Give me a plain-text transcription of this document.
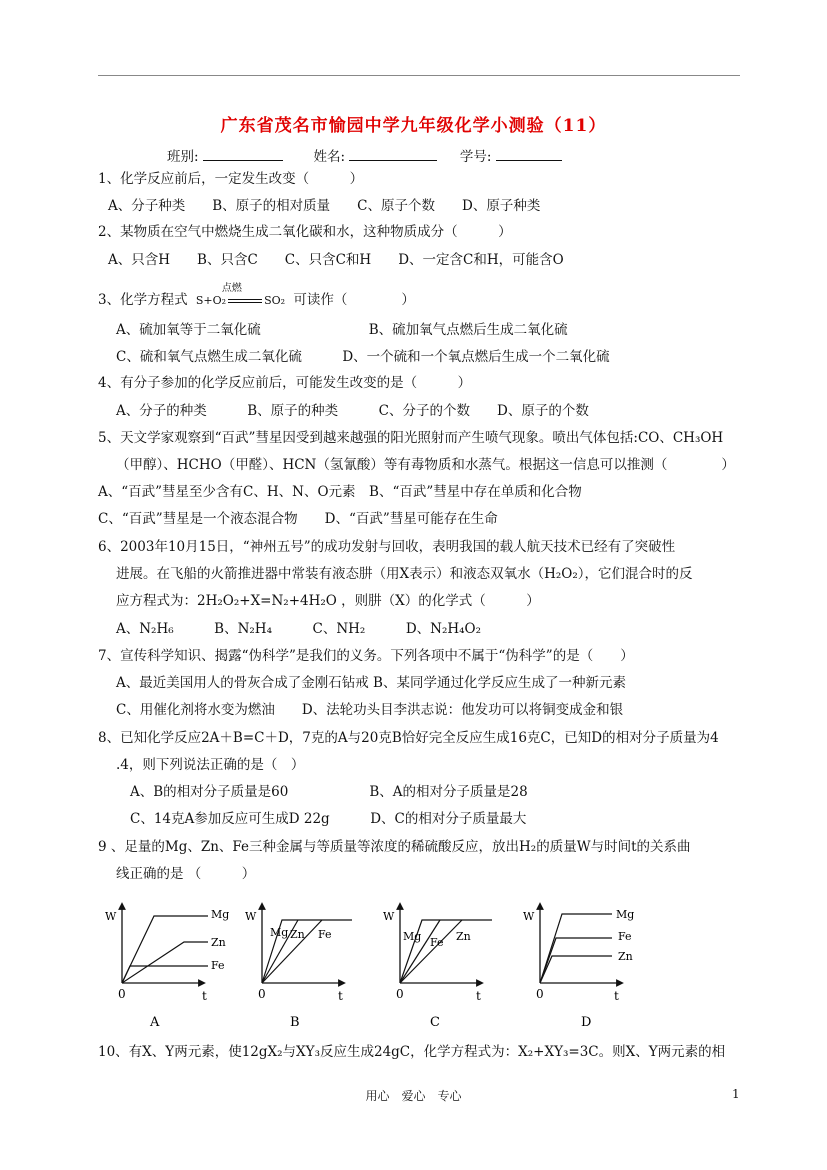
广东省茂名市愉园中学九年级化学小测验（11）
班别:	姓名:	学号:
1、化学反应前后，一定发生改变（　　　）
A、分子种类　　B、原子的相对质量　　C、原子个数　　D、原子种类
2、某物质在空气中燃烧生成二氧化碳和水，这种物质成分（　　　）
A、只含H　　B、只含C　　C、只含C和H　　D、一定含C和H，可能含O
3、化学方程式 S+O₂
点燃
SO₂ 可读作（　　　　）
A、硫加氧等于二氧化硫　　　　　　　　B、硫加氧气点燃后生成二氧化硫
C、硫和氧气点燃生成二氧化硫　　　D、一个硫和一个氧点燃后生成一个二氧化硫
4、有分子参加的化学反应前后，可能发生改变的是（　　　）
A、分子的种类　　　B、原子的种类　　　C、分子的个数　　D、原子的个数
5、天文学家观察到“百武”彗星因受到越来越强的阳光照射而产生喷气现象。喷出气体包括:CO、CH₃OH
（甲醇）、HCHO（甲醛）、HCN（氢氰酸）等有毒物质和水蒸气。根据这一信息可以推测（　　　　）
A、“百武”彗星至少含有C、H、N、O元素　B、“百武”彗星中存在单质和化合物
C、“百武”彗星是一个液态混合物　　D、“百武”彗星可能存在生命
6、2003年10月15日，“神州五号”的成功发射与回收，表明我国的载人航天技术已经有了突破性
进展。在飞船的火箭推进器中常装有液态肼（用X表示）和液态双氧水（H₂O₂），它们混合时的反
应方程式为：2H₂O₂+X=N₂+4H₂O ，则肼（X）的化学式（　　　）
A、N₂H₆　　　B、N₂H₄　　　C、NH₂　　　D、N₂H₄O₂
7、宣传科学知识、揭露“伪科学”是我们的义务。下列各项中不属于“伪科学”的是（　　）
A、最近美国用人的骨灰合成了金刚石钻戒 B、某同学通过化学反应生成了一种新元素
C、用催化剂将水变为燃油　　D、法轮功头目李洪志说：他发功可以将铜变成金和银
8、已知化学反应2A＋B=C＋D，7克的A与20克B恰好完全反应生成16克C，已知D的相对分子质量为4
.4，则下列说法正确的是（　）
A、B的相对分子质量是60　　　　　　B、A的相对分子质量是28
C、14克A参加反应可生成D 22g　　　D、C的相对分子质量最大
9 、足量的Mg、Zn、Fe三种金属与等质量等浓度的稀硫酸反应，放出H₂的质量W与时间t的关系曲
线正确的是 （　　　）
W
0	t
Mg
Zn
Fe
A
W
0	t
Mg Zn Fe
B
W
0	t
Mg Fe Zn
C
W
0	t
Mg
Fe
Zn
D
10、有X、Y两元素，使12gX₂与XY₃反应生成24gC，化学方程式为：X₂+XY₃=3C。则X、Y两元素的相
用心　爱心　专心	1
